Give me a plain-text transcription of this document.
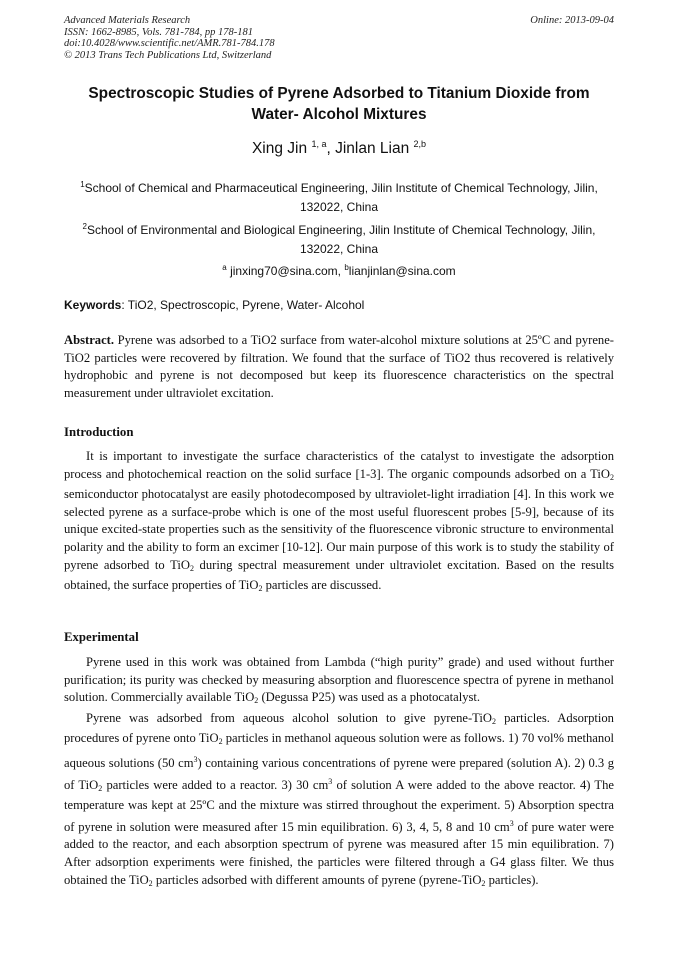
Advanced Materials Research
ISSN: 1662-8985, Vols. 781-784, pp 178-181
doi:10.4028/www.scientific.net/AMR.781-784.178
© 2013 Trans Tech Publications Ltd, Switzerland
Online: 2013-09-04
Spectroscopic Studies of Pyrene Adsorbed to Titanium Dioxide from Water- Alcohol Mixtures
Xing Jin $^{1, a}$, Jinlan Lian $^{2,b}$
$^1$School of Chemical and Pharmaceutical Engineering, Jilin Institute of Chemical Technology, Jilin, 132022, China
$^2$School of Environmental and Biological Engineering, Jilin Institute of Chemical Technology, Jilin, 132022, China
$^a$ jinxing70@sina.com, $^b$lianjinlan@sina.com
Keywords: TiO2, Spectroscopic, Pyrene, Water- Alcohol

Abstract. Pyrene was adsorbed to a TiO2 surface from water-alcohol mixture solutions at 25ºC and pyrene-TiO2 particles were recovered by filtration. We found that the surface of TiO2 thus recovered is relatively hydrophobic and pyrene is not decomposed but keep its fluorescence characteristics on the spectral measurement under ultraviolet excitation.

Introduction

It is important to investigate the surface characteristics of the catalyst to investigate the adsorption process and photochemical reaction on the solid surface [1-3]. The organic compounds adsorbed on a TiO$_2$ semiconductor photocatalyst are easily photodecomposed by ultraviolet-light irradiation [4]. In this work we selected pyrene as a surface-probe which is one of the most useful fluorescent probes [5-9], because of its unique excited-state properties such as the sensitivity of the fluorescence vibronic structure to environmental polarity and the ability to form an excimer [10-12]. Our main purpose of this work is to study the stability of pyrene adsorbed to TiO$_2$ during spectral measurement under ultraviolet excitation. Based on the results obtained, the surface properties of TiO$_2$ particles are discussed.

Experimental

Pyrene used in this work was obtained from Lambda (“high purity” grade) and used without further purification; its purity was checked by measuring absorption and fluorescence spectra of pyrene in methanol solution. Commercially available TiO$_2$ (Degussa P25) was used as a photocatalyst.

Pyrene was adsorbed from aqueous alcohol solution to give pyrene-TiO$_2$ particles. Adsorption procedures of pyrene onto TiO$_2$ particles in methanol aqueous solution were as follows. 1) 70 vol% methanol aqueous solutions (50 $cm^3$) containing various concentrations of pyrene were prepared (solution A). 2) 0.3 g of TiO$_2$ particles were added to a reactor. 3) 30 $cm^3$ of solution A were added to the above reactor. 4) The temperature was kept at 25ºC and the mixture was stirred throughout the experiment. 5) Absorption spectra of pyrene in solution were measured after 15 min equilibration. 6) 3, 4, 5, 8 and 10 $cm^3$ of pure water were added to the reactor, and each absorption spectrum of pyrene was measured after 15 min equilibration. 7) After adsorption experiments were finished, the particles were filtered through a G4 glass filter. We thus obtained the TiO$_2$ particles adsorbed with different amounts of pyrene (pyrene-TiO$_2$ particles).
